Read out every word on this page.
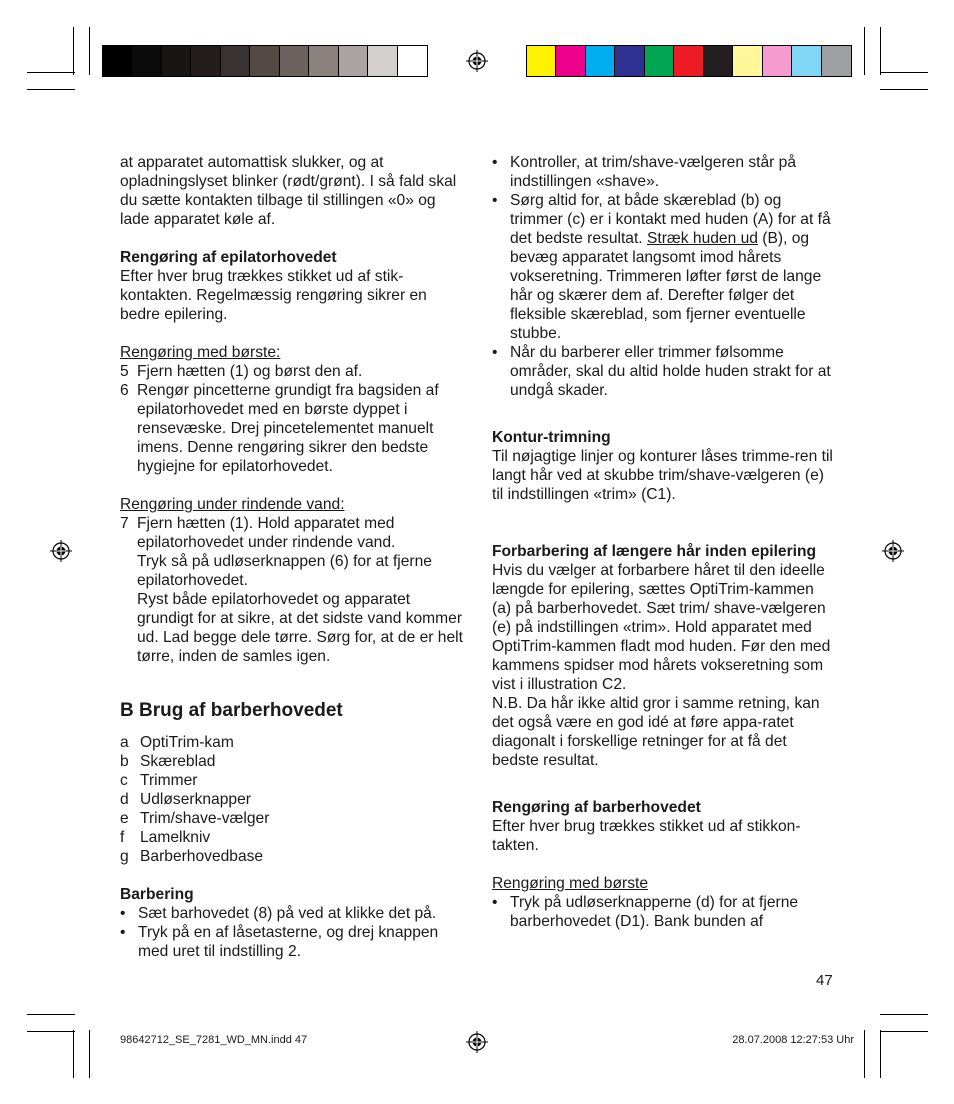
at apparatet automattisk slukker, og at opladningslyset blinker (rødt/grønt). I så fald skal du sætte kontakten tilbage til stillingen «0» og lade apparatet køle af.

Rengøring af epilatorhovedet

Efter hver brug trækkes stikket ud af stik-kontakten. Regelmæssig rengøring sikrer en bedre epilering.

Rengøring med børste:

5 Fjern hætten (1) og børst den af.
6 Rengør pincetterne grundigt fra bagsiden af epilatorhovedet med en børste dyppet i rensevæske. Drej pincetelementet manuelt imens. Denne rengøring sikrer den bedste hygiejne for epilatorhovedet.

Rengøring under rindende vand:

7 Fjern hætten (1). Hold apparatet med epilatorhovedet under rindende vand.

Tryk så på udløserknappen (6) for at fjerne epilatorhovedet.

Ryst både epilatorhovedet og apparatet grundigt for at sikre, at det sidste vand kommer ud. Lad begge dele tørre. Sørg for, at de er helt tørre, inden de samles igen.

B Brug af barberhovedet

a OptiTrim-kam
b Skæreblad
c Trimmer
d Udløserknapper
e Trim/shave-vælger
f	Lamelkniv
g Barberhovedbase

Barbering

• Sæt barhovedet (8) på ved at klikke det på.
• Tryk på en af låsetasterne, og drej knappen med uret til indstilling 2.
• Kontroller, at trim/shave-vælgeren står på indstillingen «shave».
• Sørg altid for, at både skæreblad (b) og trimmer (c) er i kontakt med huden (A) for at få det bedste resultat. Stræk huden ud (B), og bevæg apparatet langsomt imod hårets vokseretning. Trimmeren løfter først de lange hår og skærer dem af. Derefter følger det fleksible skæreblad, som fjerner eventuelle stubbe.
• Når du barberer eller trimmer følsomme områder, skal du altid holde huden strakt for at undgå skader.

Kontur-trimning

Til nøjagtige linjer og konturer låses trimme-ren til langt hår ved at skubbe trim/shave-vælgeren (e) til indstillingen «trim» (C1).

Forbarbering af længere hår inden epilering

Hvis du vælger at forbarbere håret til den ideelle længde for epilering, sættes OptiTrim-kammen (a) på barberhovedet. Sæt trim/ shave-vælgeren (e) på indstillingen «trim». Hold apparatet med OptiTrim-kammen fladt mod huden. Før den med kammens spidser mod hårets vokseretning som vist i illustration C2.

N.B. Da hår ikke altid gror i samme retning, kan det også være en god idé at føre appa-ratet diagonalt i forskellige retninger for at få det bedste resultat.

Rengøring af barberhovedet

Efter hver brug trækkes stikket ud af stikkon-takten.

Rengøring med børste

• Tryk på udløserknapperne (d) for at fjerne barberhovedet (D1). Bank bunden af
47
98642712_SE_7281_WD_MN.indd 47	28.07.2008 12:27:53 Uhr
